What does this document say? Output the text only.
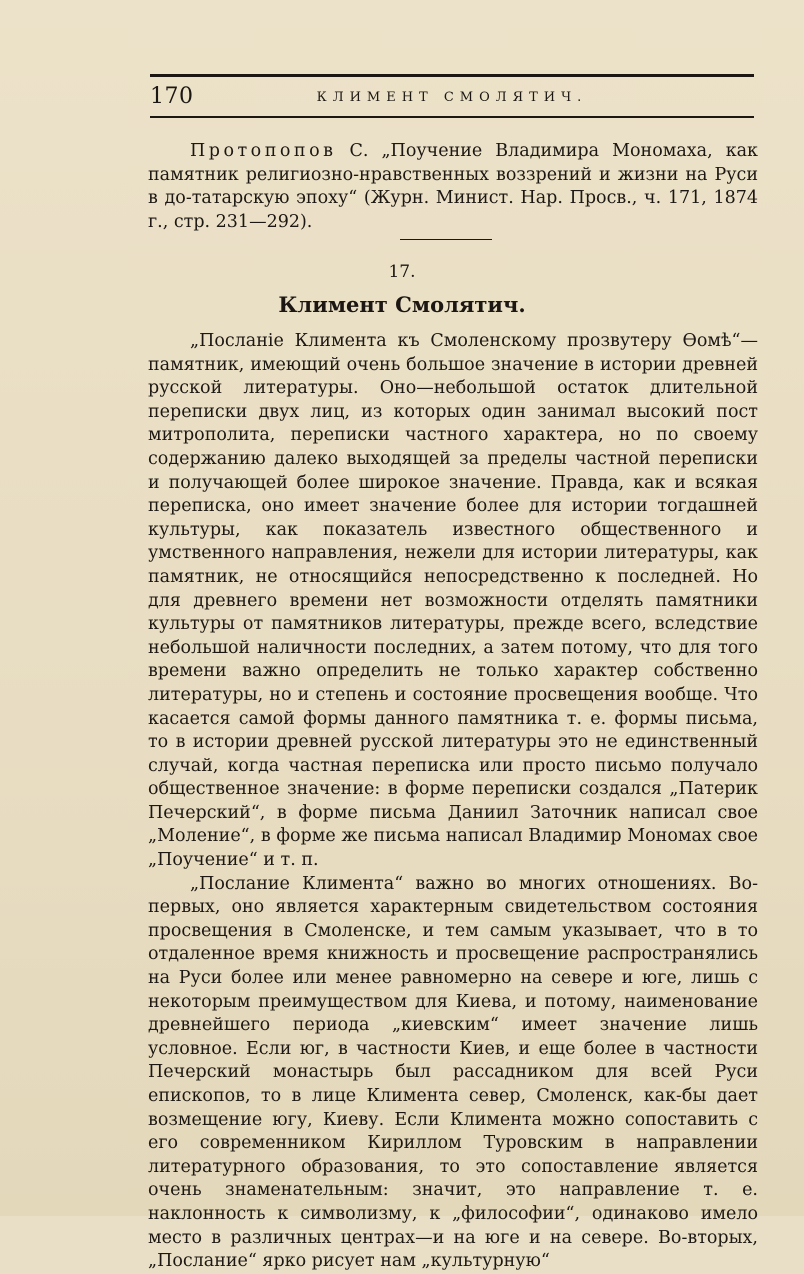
170	КЛИМЕНТ СМОЛЯТИЧ.

Протопопов С. „Поучение Владимира Мономаха, как памятник религиозно-нравственных воззрений и жизни на Руси в до-татарскую эпоху“ (Журн. Минист. Нар. Просв., ч. 171, 1874 г., стр. 231—292).

17.
Климент Смолятич.

„Посланіе Климента къ Смоленскому прозвутеру Ѳомѣ“— памятник, имеющий очень большое значение в истории древней русской литературы. Оно—небольшой остаток длительной переписки двух лиц, из которых один занимал высокий пост митрополита, переписки частного характера, но по своему содержанию далеко выходящей за пределы частной переписки и получающей более широкое значение. Правда, как и всякая переписка, оно имеет значение более для истории тогдашней культуры, как показатель известного общественного и умственного направления, нежели для истории литературы, как памятник, не относящийся непосредственно к последней. Но для древнего времени нет возможности отделять памятники культуры от памятников литературы, прежде всего, вследствие небольшой наличности последних, а затем потому, что для того времени важно определить не только характер собственно литературы, но и степень и состояние просвещения вообще. Что касается самой формы данного памятника т. е. формы письма, то в истории древней русской литературы это не единственный случай, когда частная переписка или просто письмо получало общественное значение: в форме переписки создался „Патерик Печерский“, в форме письма Даниил Заточник написал свое „Моление“, в форме же письма написал Владимир Мономах свое „Поучение“ и т. п.

„Послание Климента“ важно во многих отношениях. Во-первых, оно является характерным свидетельством состояния просвещения в Смоленске, и тем самым указывает, что в то отдаленное время книжность и просвещение распространялись на Руси более или менее равномерно на севере и юге, лишь с некоторым преимуществом для Киева, и потому, наименование древнейшего периода „киевским“ имеет значение лишь условное. Если юг, в частности Киев, и еще более в частности Печерский монастырь был рассадником для всей Руси епископов, то в лице Климента север, Смоленск, как-бы дает возмещение югу, Киеву. Если Климента можно сопоставить с его современником Кириллом Туровским в направлении литературного образования, то это сопоставление является очень знаменательным: значит, это направление т. е. наклонность к символизму, к „философии“, одинаково имело место в различных центрах—и на юге и на севере. Во-вторых, „Послание“ ярко рисует нам „культурную“
